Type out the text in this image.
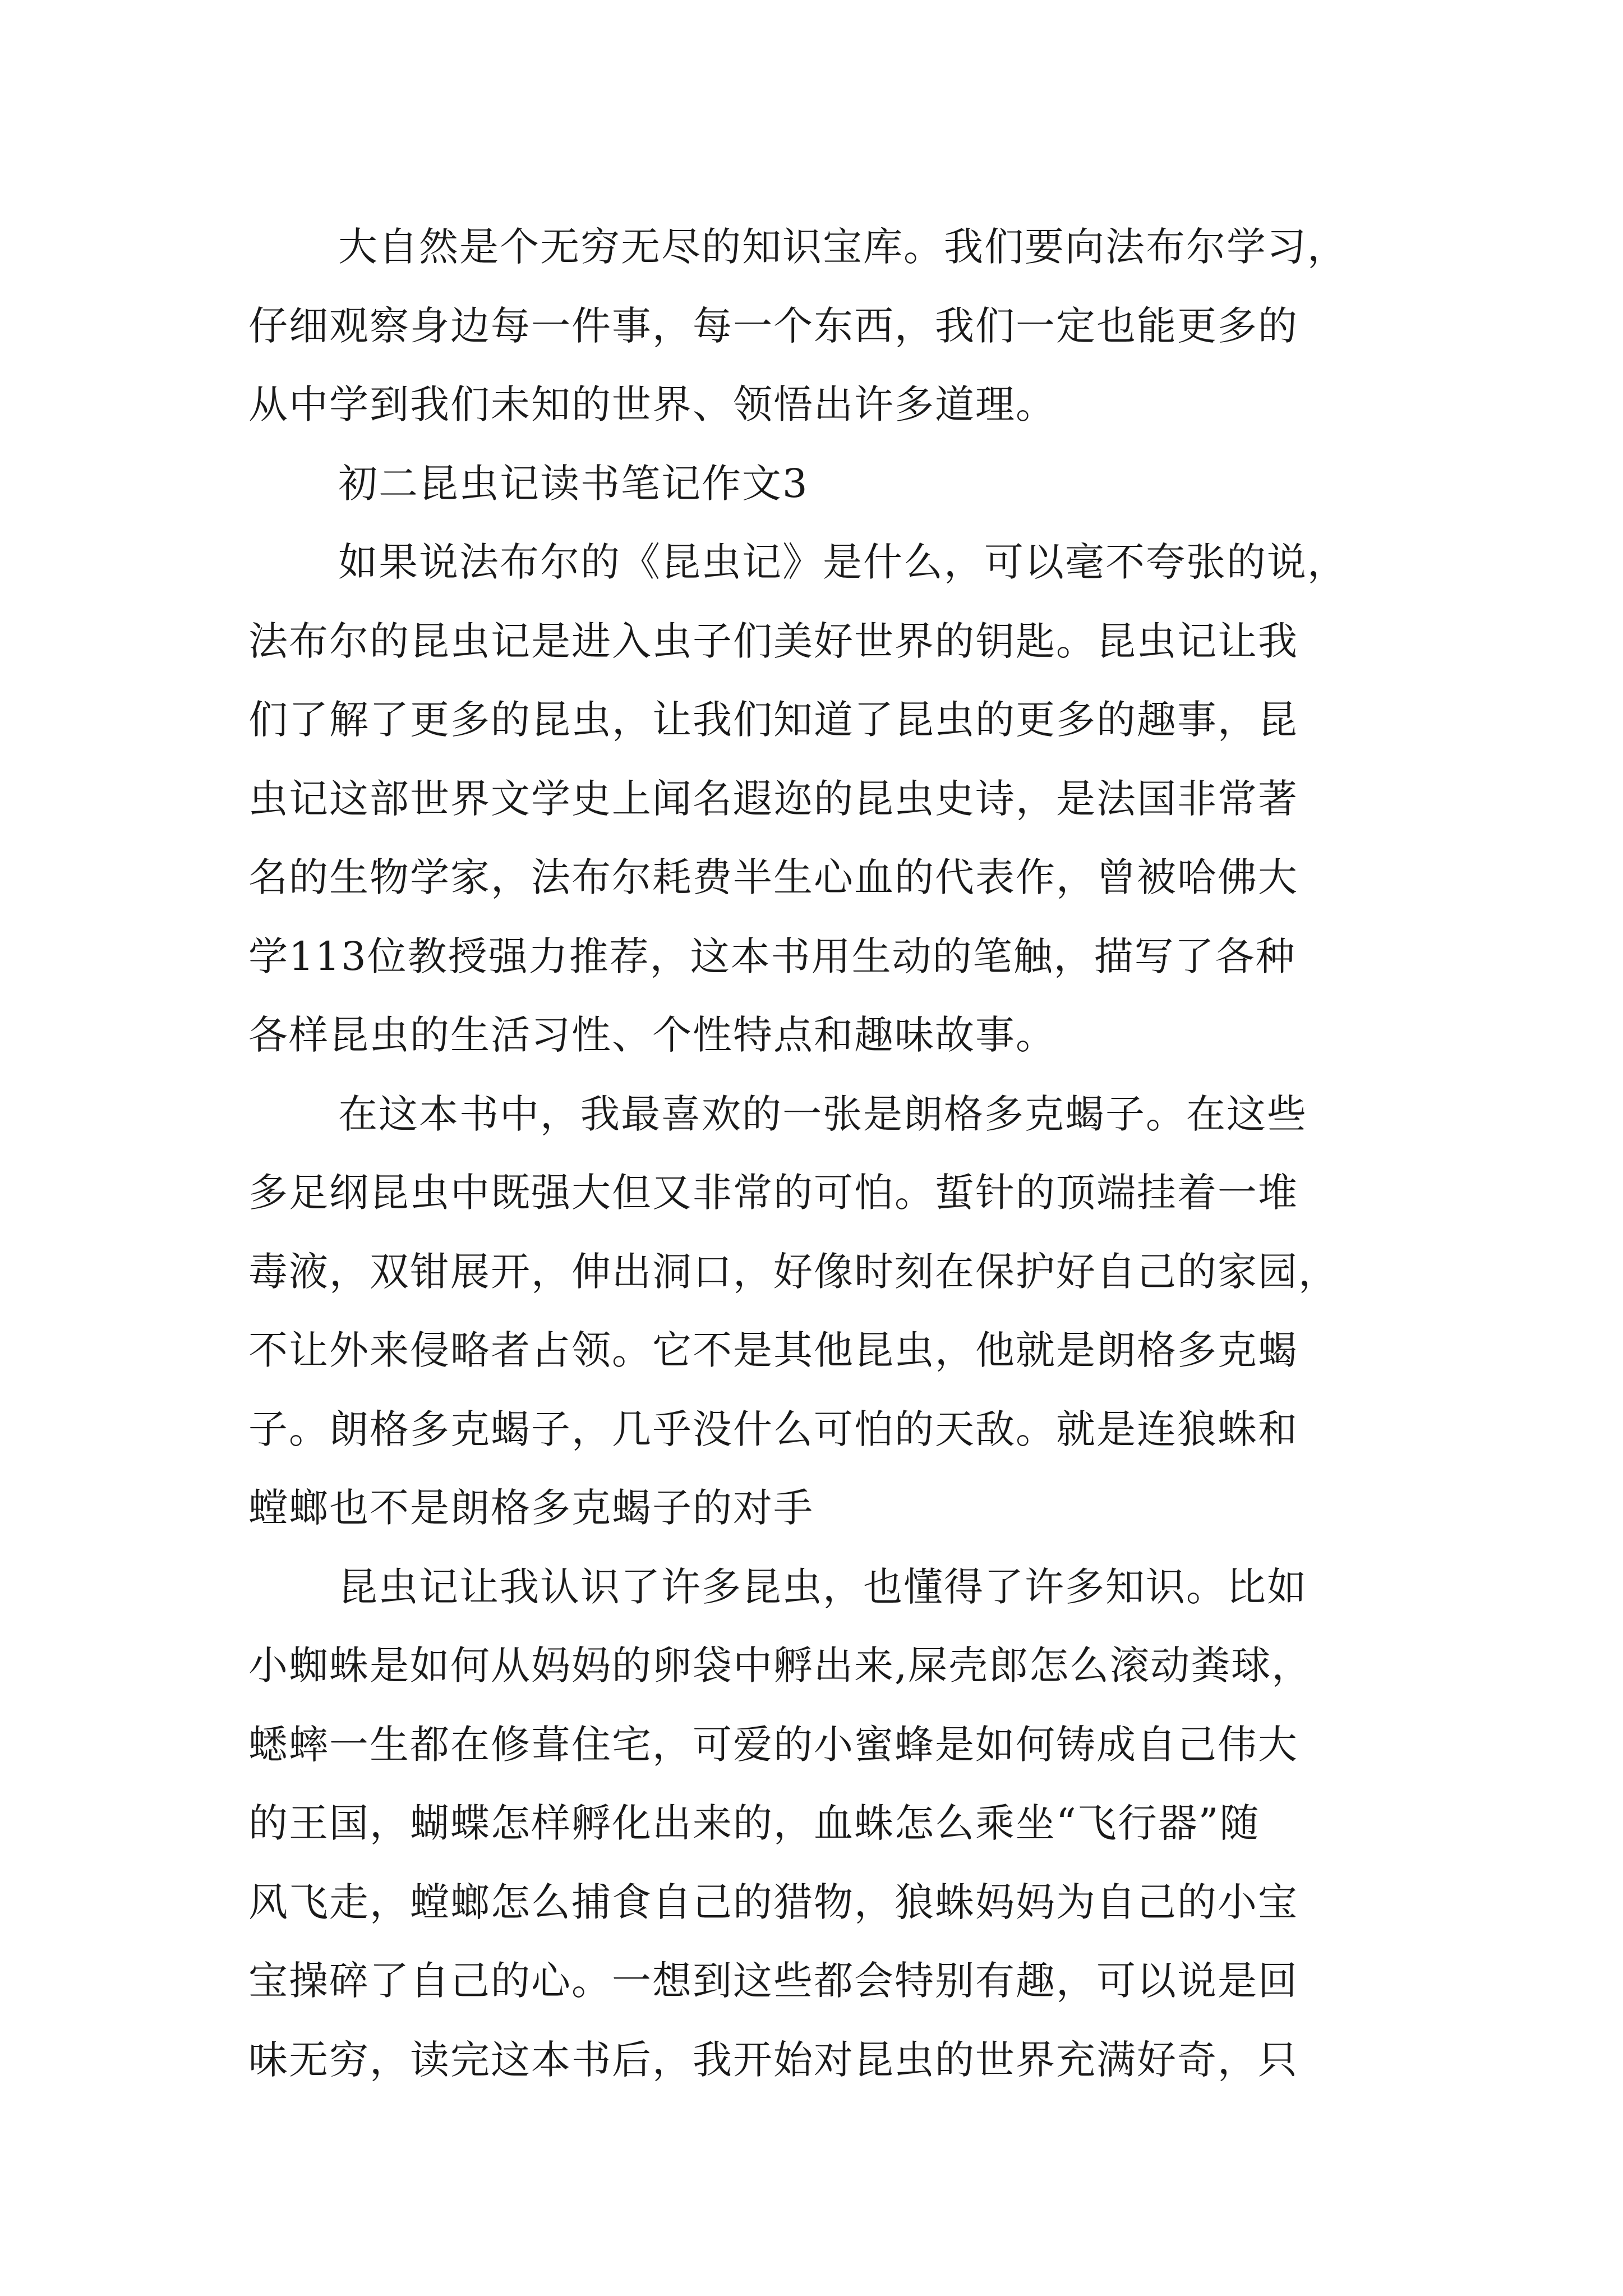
大自然是个无穷无尽的知识宝库。我们要向法布尔学习，
仔细观察身边每一件事，每一个东西，我们一定也能更多的
从中学到我们未知的世界、领悟出许多道理。
初二昆虫记读书笔记作文3
如果说法布尔的《昆虫记》是什么，可以毫不夸张的说，
法布尔的昆虫记是进入虫子们美好世界的钥匙。昆虫记让我
们了解了更多的昆虫，让我们知道了昆虫的更多的趣事，昆
虫记这部世界文学史上闻名遐迩的昆虫史诗，是法国非常著
名的生物学家，法布尔耗费半生心血的代表作，曾被哈佛大
学113位教授强力推荐，这本书用生动的笔触，描写了各种
各样昆虫的生活习性、个性特点和趣味故事。
在这本书中，我最喜欢的一张是朗格多克蝎子。在这些
多足纲昆虫中既强大但又非常的可怕。蜇针的顶端挂着一堆
毒液，双钳展开，伸出洞口，好像时刻在保护好自己的家园，
不让外来侵略者占领。它不是其他昆虫，他就是朗格多克蝎
子。朗格多克蝎子，几乎没什么可怕的天敌。就是连狼蛛和
螳螂也不是朗格多克蝎子的对手
昆虫记让我认识了许多昆虫，也懂得了许多知识。比如
小蜘蛛是如何从妈妈的卵袋中孵出来,屎壳郎怎么滚动粪球，
蟋蟀一生都在修葺住宅，可爱的小蜜蜂是如何铸成自己伟大
的王国，蝴蝶怎样孵化出来的，血蛛怎么乘坐“飞行器”随
风飞走，螳螂怎么捕食自己的猎物，狼蛛妈妈为自己的小宝
宝操碎了自己的心。一想到这些都会特别有趣，可以说是回
味无穷，读完这本书后，我开始对昆虫的世界充满好奇，只
